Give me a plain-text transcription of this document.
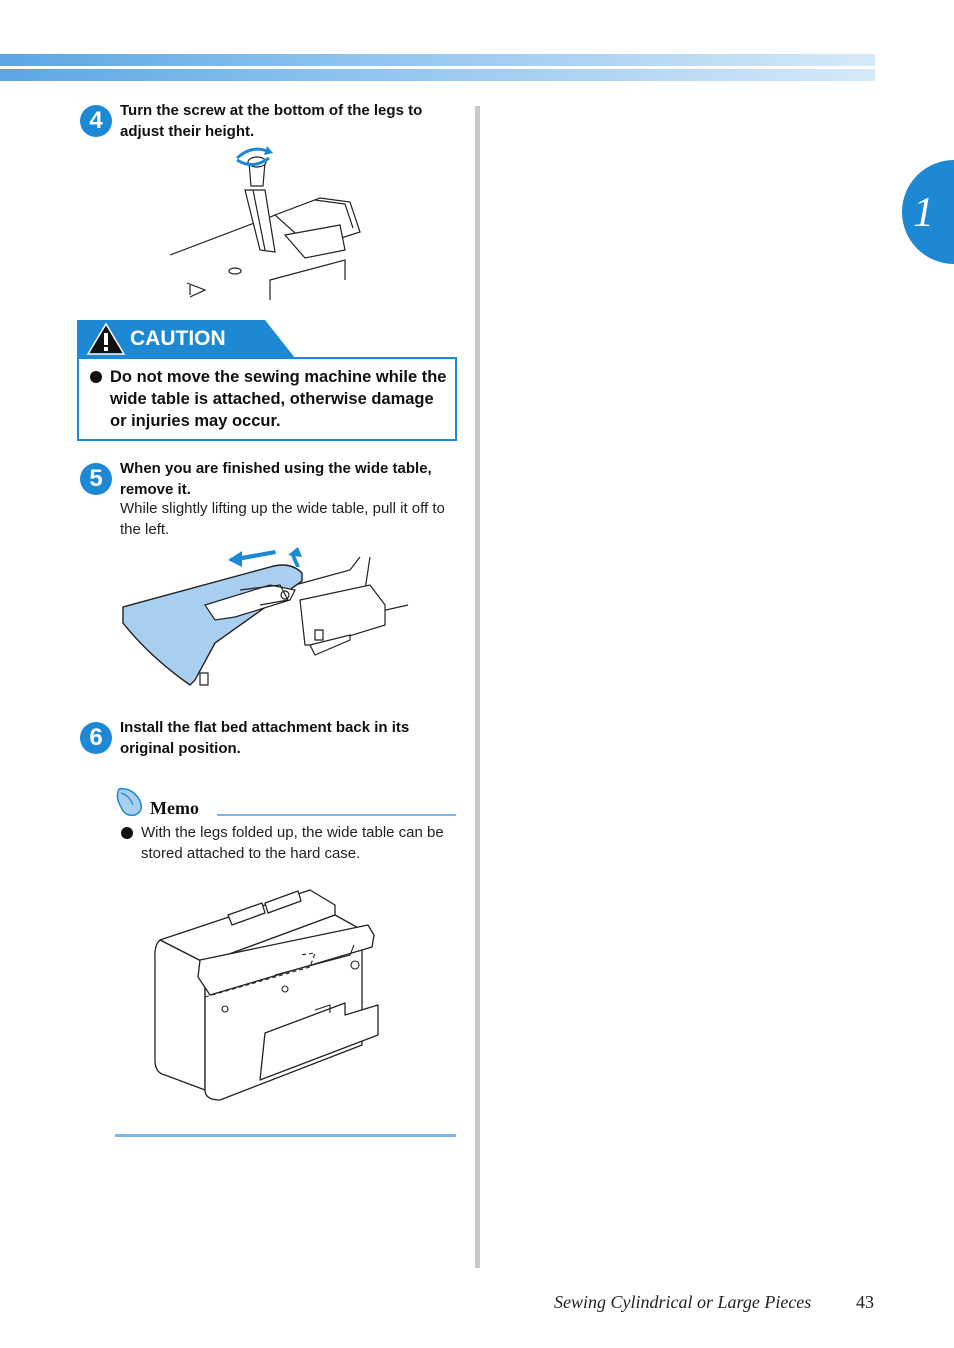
1
4	Turn the screw at the bottom of the legs to adjust their height.
CAUTION
Do not move the sewing machine while the wide table is attached, otherwise damage or injuries may occur.
5	When you are finished using the wide table, remove it.
While slightly lifting up the wide table, pull it off to the left.
6	Install the flat bed attachment back in its original position.
Memo
With the legs folded up, the wide table can be stored attached to the hard case.
Sewing Cylindrical or Large Pieces 43
